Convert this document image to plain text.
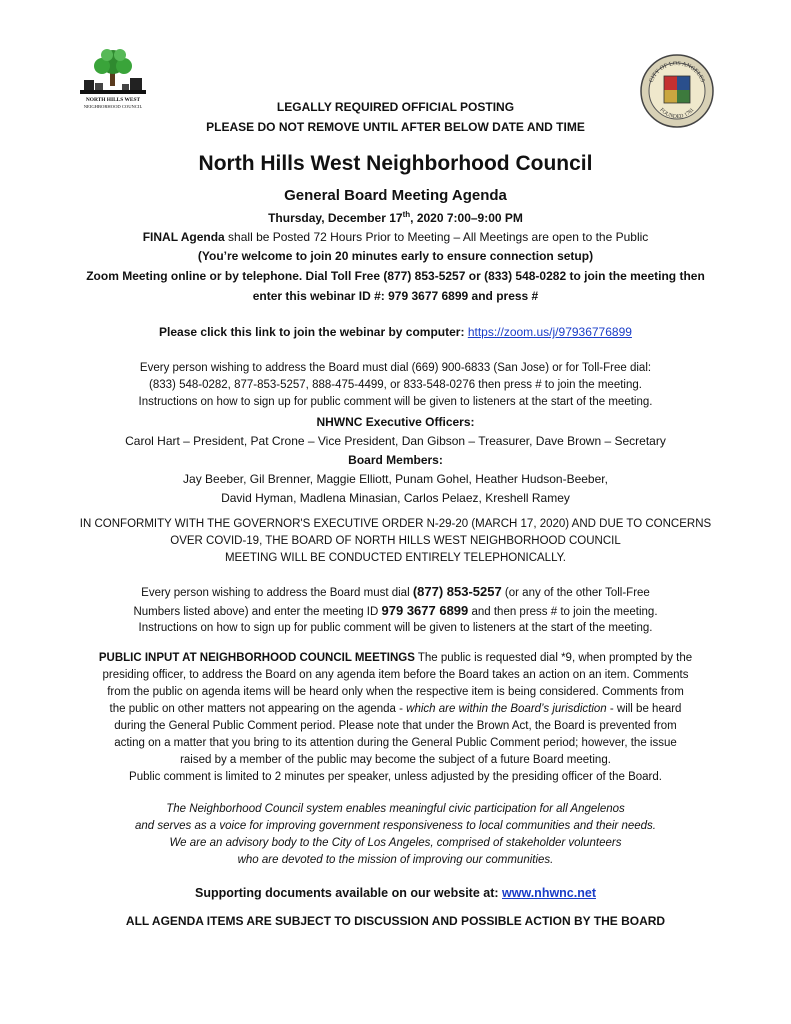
NORTH HILLS WEST
NEIGHBORHOOD COUNCIL
CITY OF LOS ANGELES
FOUNDED 1781
LEGALLY REQUIRED OFFICIAL POSTING
PLEASE DO NOT REMOVE UNTIL AFTER BELOW DATE AND TIME
North Hills West Neighborhood Council
General Board Meeting Agenda
Thursday, December 17th, 2020 7:00–9:00 PM
FINAL Agenda shall be Posted 72 Hours Prior to Meeting – All Meetings are open to the Public
(You’re welcome to join 20 minutes early to ensure connection setup)
Zoom Meeting online or by telephone. Dial Toll Free (877) 853-5257 or (833) 548-0282 to join the meeting then
enter this webinar ID #: 979 3677 6899 and press #
Please click this link to join the webinar by computer: https://zoom.us/j/97936776899
Every person wishing to address the Board must dial (669) 900-6833 (San Jose) or for Toll-Free dial:
(833) 548-0282, 877-853-5257, 888-475-4499, or 833-548-0276 then press # to join the meeting.
Instructions on how to sign up for public comment will be given to listeners at the start of the meeting.
NHWNC Executive Officers:
Carol Hart – President, Pat Crone – Vice President, Dan Gibson – Treasurer, Dave Brown – Secretary
Board Members:
Jay Beeber, Gil Brenner, Maggie Elliott, Punam Gohel, Heather Hudson-Beeber,
David Hyman, Madlena Minasian, Carlos Pelaez, Kreshell Ramey
IN CONFORMITY WITH THE GOVERNOR'S EXECUTIVE ORDER N-29-20 (MARCH 17, 2020) AND DUE TO CONCERNS
OVER COVID-19, THE BOARD OF NORTH HILLS WEST NEIGHBORHOOD COUNCIL
MEETING WILL BE CONDUCTED ENTIRELY TELEPHONICALLY.
Every person wishing to address the Board must dial (877) 853-5257 (or any of the other Toll-Free
Numbers listed above) and enter the meeting ID 979 3677 6899 and then press # to join the meeting.
Instructions on how to sign up for public comment will be given to listeners at the start of the meeting.
PUBLIC INPUT AT NEIGHBORHOOD COUNCIL MEETINGS The public is requested dial *9, when prompted by the
presiding officer, to address the Board on any agenda item before the Board takes an action on an item. Comments
from the public on agenda items will be heard only when the respective item is being considered. Comments from
the public on other matters not appearing on the agenda - which are within the Board’s jurisdiction - will be heard
during the General Public Comment period. Please note that under the Brown Act, the Board is prevented from
acting on a matter that you bring to its attention during the General Public Comment period; however, the issue
raised by a member of the public may become the subject of a future Board meeting.
Public comment is limited to 2 minutes per speaker, unless adjusted by the presiding officer of the Board.
The Neighborhood Council system enables meaningful civic participation for all Angelenos
and serves as a voice for improving government responsiveness to local communities and their needs.
We are an advisory body to the City of Los Angeles, comprised of stakeholder volunteers
who are devoted to the mission of improving our communities.
Supporting documents available on our website at: www.nhwnc.net
ALL AGENDA ITEMS ARE SUBJECT TO DISCUSSION AND POSSIBLE ACTION BY THE BOARD
